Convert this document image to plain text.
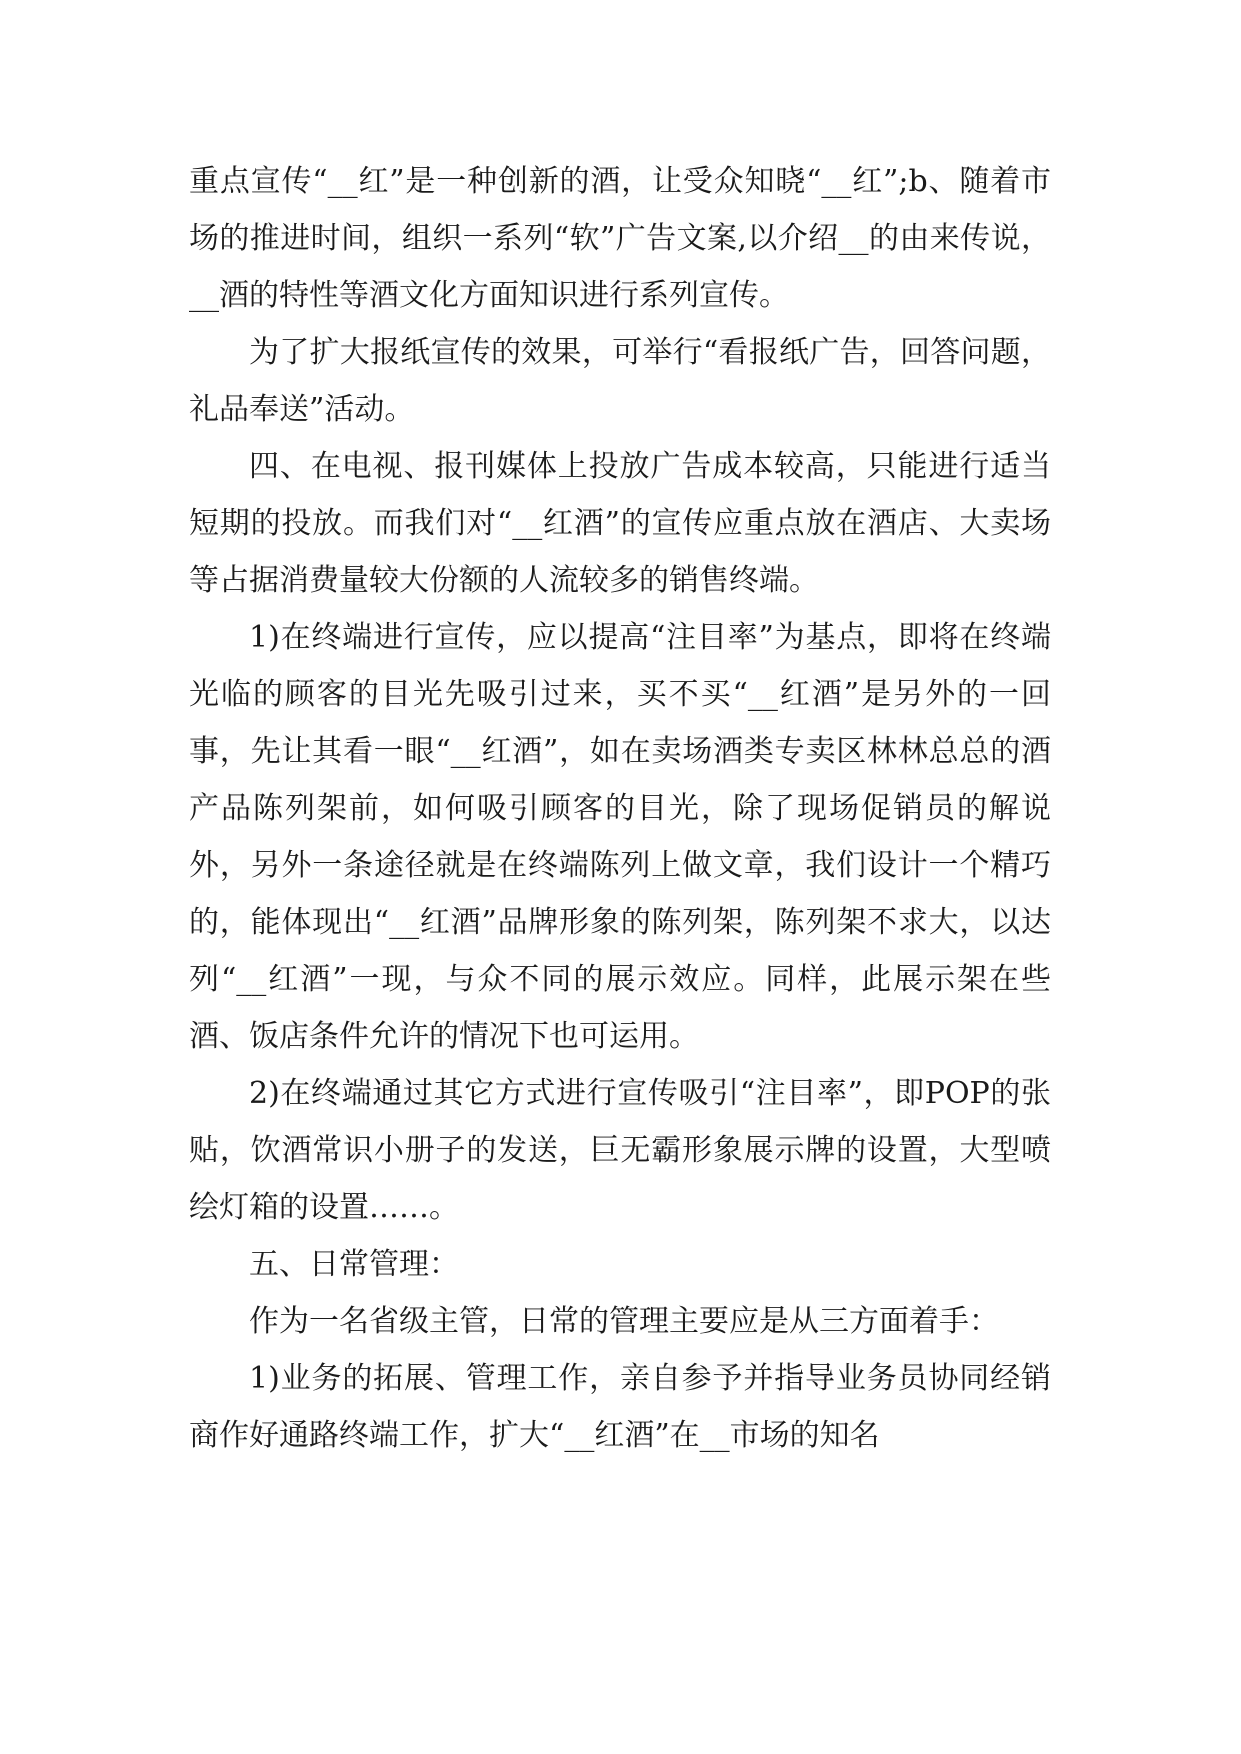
重点宣传“__红”是一种创新的酒，让受众知晓“__红”;b、随着市场的推进时间，组织一系列“软”广告文案,以介绍__的由来传说，__酒的特性等酒文化方面知识进行系列宣传。

为了扩大报纸宣传的效果，可举行“看报纸广告，回答问题，礼品奉送”活动。

四、在电视、报刊媒体上投放广告成本较高，只能进行适当短期的投放。而我们对“__红酒”的宣传应重点放在酒店、大卖场等占据消费量较大份额的人流较多的销售终端。

1)在终端进行宣传，应以提高“注目率”为基点，即将在终端光临的顾客的目光先吸引过来，买不买“__红酒”是另外的一回事，先让其看一眼“__红酒”，如在卖场酒类专卖区林林总总的酒产品陈列架前，如何吸引顾客的目光，除了现场促销员的解说外，另外一条途径就是在终端陈列上做文章，我们设计一个精巧的，能体现出“__红酒”品牌形象的陈列架，陈列架不求大，以达列“__红酒”一现，与众不同的展示效应。同样，此展示架在些酒、饭店条件允许的情况下也可运用。

2)在终端通过其它方式进行宣传吸引“注目率”，即POP的张贴，饮酒常识小册子的发送，巨无霸形象展示牌的设置，大型喷绘灯箱的设置……。

五、日常管理：

作为一名省级主管，日常的管理主要应是从三方面着手：

1)业务的拓展、管理工作，亲自参予并指导业务员协同经销商作好通路终端工作，扩大“__红酒”在__市场的知名
